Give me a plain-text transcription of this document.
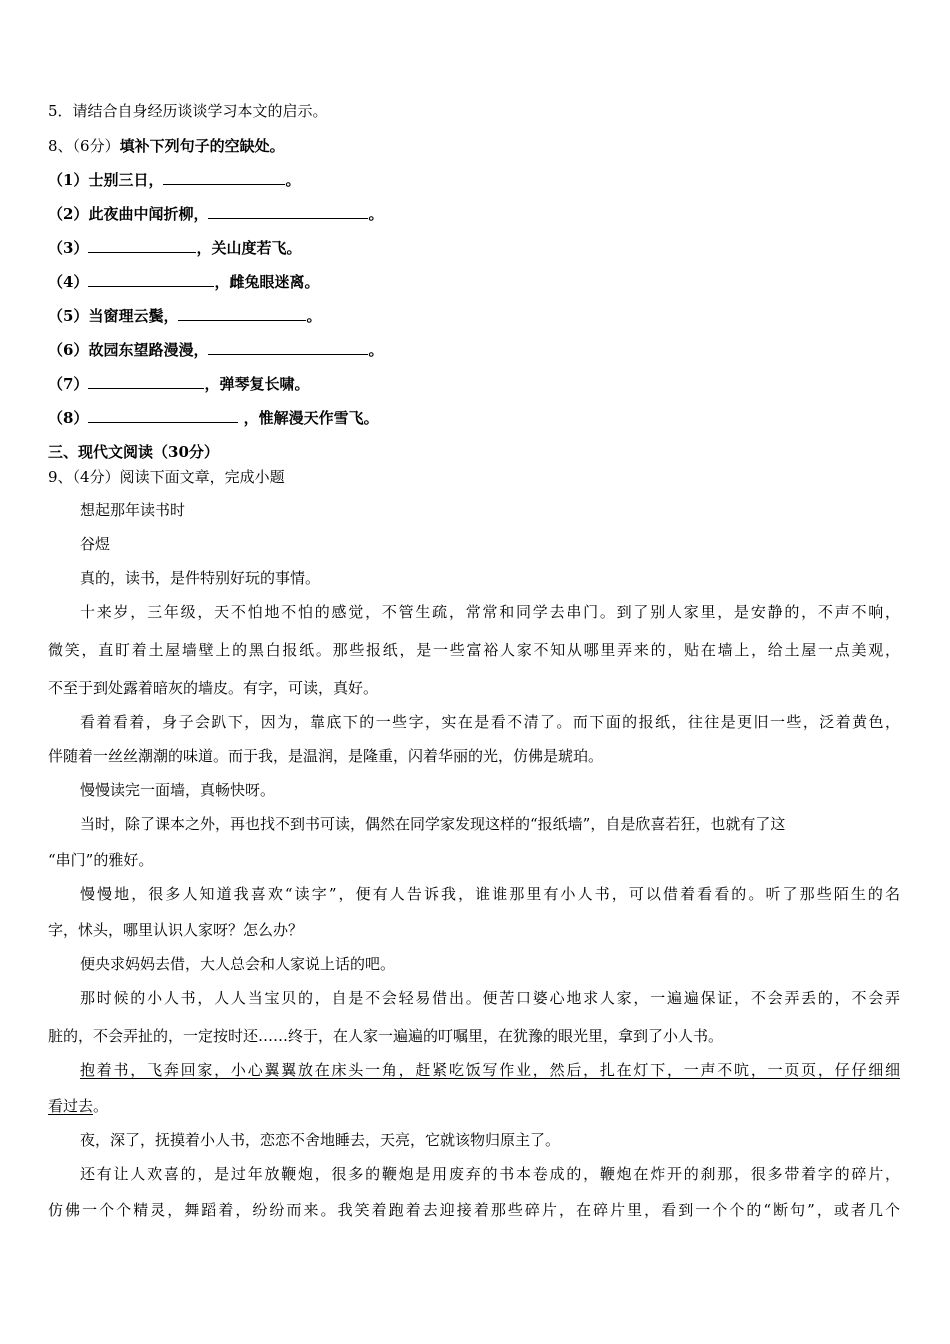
5．请结合自身经历谈谈学习本文的启示。
8、（6分）填补下列句子的空缺处。
（1）士别三日，	。
（2）此夜曲中闻折柳，	。
（3）	，关山度若飞。
（4）	，雌兔眼迷离。
（5）当窗理云鬓，	。
（6）故园东望路漫漫，	。
（7）	，弹琴复长啸。
（8）	，惟解漫天作雪飞。
三、现代文阅读（30分）
9、（4分）阅读下面文章，完成小题
想起那年读书时
谷煜
真的，读书，是件特别好玩的事情。
十来岁，三年级，天不怕地不怕的感觉，不管生疏，常常和同学去串门。到了别人家里，是安静的，不声不响，
微笑，直盯着土屋墙壁上的黑白报纸。那些报纸，是一些富裕人家不知从哪里弄来的，贴在墙上，给土屋一点美观，
不至于到处露着暗灰的墙皮。有字，可读，真好。
看着看着，身子会趴下，因为，靠底下的一些字，实在是看不清了。而下面的报纸，往往是更旧一些，泛着黄色，
伴随着一丝丝潮潮的味道。而于我，是温润，是隆重，闪着华丽的光，仿佛是琥珀。
慢慢读完一面墙，真畅快呀。
当时，除了课本之外，再也找不到书可读，偶然在同学家发现这样的“报纸墙”，自是欣喜若狂，也就有了这
“串门”的雅好。
慢慢地，很多人知道我喜欢“读字”，便有人告诉我，谁谁那里有小人书，可以借着看看的。听了那些陌生的名
字，怵头，哪里认识人家呀？怎么办？
便央求妈妈去借，大人总会和人家说上话的吧。
那时候的小人书，人人当宝贝的，自是不会轻易借出。便苦口婆心地求人家，一遍遍保证，不会弄丢的，不会弄
脏的，不会弄扯的，一定按时还……终于，在人家一遍遍的叮嘱里，在犹豫的眼光里，拿到了小人书。
抱着书，飞奔回家，小心翼翼放在床头一角，赶紧吃饭写作业，然后，扎在灯下，一声不吭，一页页，仔仔细细
看过去。
夜，深了，抚摸着小人书，恋恋不舍地睡去，天亮，它就该物归原主了。
还有让人欢喜的，是过年放鞭炮，很多的鞭炮是用废弃的书本卷成的，鞭炮在炸开的刹那，很多带着字的碎片，
仿佛一个个精灵，舞蹈着，纷纷而来。我笑着跑着去迎接着那些碎片，在碎片里，看到一个个的“断句”，或者几个
